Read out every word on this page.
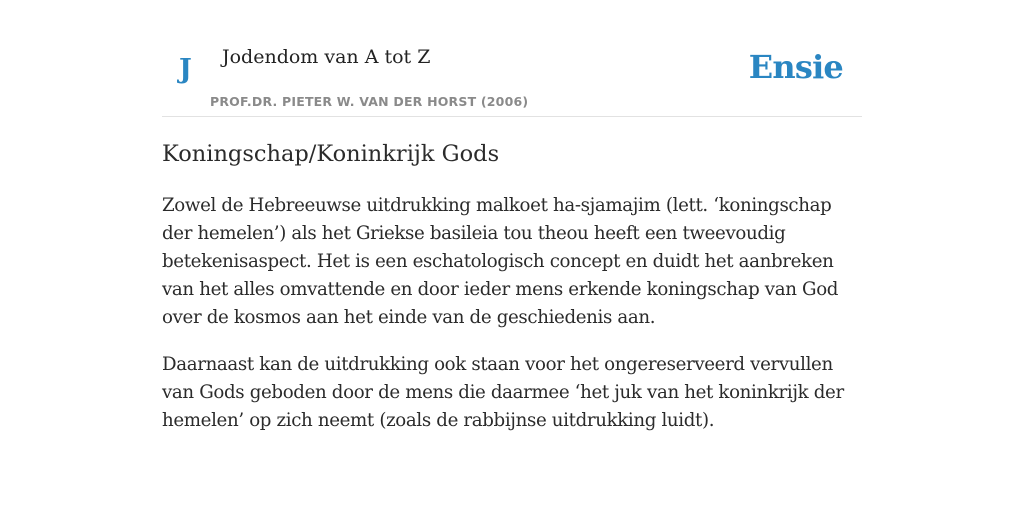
J Jodendom van A tot Z
PROF.DR. PIETER W. VAN DER HORST (2006)
Ensie
Koningschap/Koninkrijk Gods

Zowel de Hebreeuwse uitdrukking malkoet ha-sjamajim (lett. ‘koningschap der hemelen’) als het Griekse basileia tou theou heeft een tweevoudig betekenisaspect. Het is een eschatologisch concept en duidt het aanbreken van het alles omvattende en door ieder mens erkende koningschap van God over de kosmos aan het einde van de geschiedenis aan.

Daarnaast kan de uitdrukking ook staan voor het ongereserveerd vervullen van Gods geboden door de mens die daarmee ‘het juk van het koninkrijk der hemelen’ op zich neemt (zoals de rabbijnse uitdrukking luidt).
